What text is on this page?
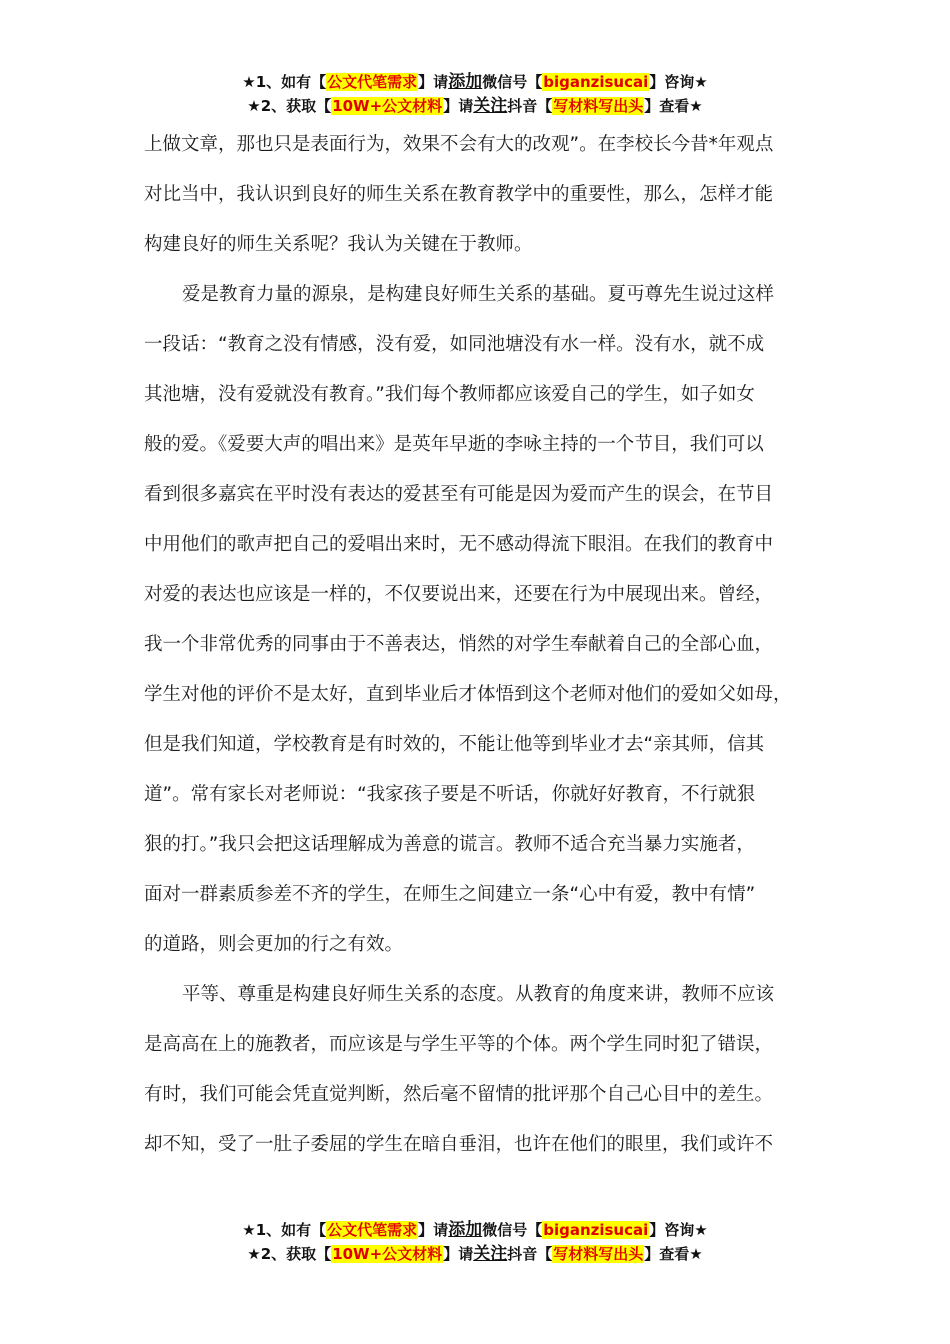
★1、如有【公文代笔需求】请添加微信号【biganzisucai】咨询★
★2、获取【10W+公文材料】请关注抖音【写材料写出头】查看★

上做文章，那也只是表面行为，效果不会有大的改观”。在李校长今昔*年观点
对比当中，我认识到良好的师生关系在教育教学中的重要性，那么，怎样才能
构建良好的师生关系呢？我认为关键在于教师。

爱是教育力量的源泉，是构建良好师生关系的基础。夏丏尊先生说过这样
一段话：“教育之没有情感，没有爱，如同池塘没有水一样。没有水，就不成
其池塘，没有爱就没有教育。”我们每个教师都应该爱自己的学生，如子如女
般的爱。《爱要大声的唱出来》是英年早逝的李咏主持的一个节目，我们可以
看到很多嘉宾在平时没有表达的爱甚至有可能是因为爱而产生的误会，在节目
中用他们的歌声把自己的爱唱出来时，无不感动得流下眼泪。在我们的教育中
对爱的表达也应该是一样的，不仅要说出来，还要在行为中展现出来。曾经，
我一个非常优秀的同事由于不善表达，悄然的对学生奉献着自己的全部心血，
学生对他的评价不是太好，直到毕业后才体悟到这个老师对他们的爱如父如母，
但是我们知道，学校教育是有时效的，不能让他等到毕业才去“亲其师，信其
道”。常有家长对老师说：“我家孩子要是不听话，你就好好教育，不行就狠
狠的打。”我只会把这话理解成为善意的谎言。教师不适合充当暴力实施者，
面对一群素质参差不齐的学生，在师生之间建立一条“心中有爱，教中有情”
的道路，则会更加的行之有效。

平等、尊重是构建良好师生关系的态度。从教育的角度来讲，教师不应该
是高高在上的施教者，而应该是与学生平等的个体。两个学生同时犯了错误，
有时，我们可能会凭直觉判断，然后毫不留情的批评那个自己心目中的差生。
却不知，受了一肚子委屈的学生在暗自垂泪，也许在他们的眼里，我们或许不

★1、如有【公文代笔需求】请添加微信号【biganzisucai】咨询★
★2、获取【10W+公文材料】请关注抖音【写材料写出头】查看★
